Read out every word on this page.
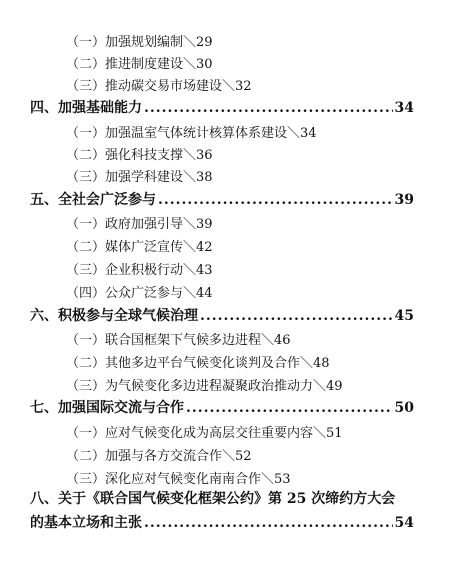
（一）加强规划编制＼29
（二）推进制度建设＼30
（三）推动碳交易市场建设＼32
四、加强基础能力 .....	34
（一）加强温室气体统计核算体系建设＼34
（二）强化科技支撑＼36
（三）加强学科建设＼38
五、全社会广泛参与 .....	39
（一）政府加强引导＼39
（二）媒体广泛宣传＼42
（三）企业积极行动＼43
（四）公众广泛参与＼44
六、积极参与全球气候治理 .....	45
（一）联合国框架下气候多边进程＼46
（二）其他多边平台气候变化谈判及合作＼48
（三）为气候变化多边进程凝聚政治推动力＼49
七、加强国际交流与合作 .....	50
（一）应对气候变化成为高层交往重要内容＼51
（二）加强与各方交流合作＼52
（三）深化应对气候变化南南合作＼53
八、关于《联合国气候变化框架公约》第 25 次缔约方大会
的基本立场和主张 .....	54
